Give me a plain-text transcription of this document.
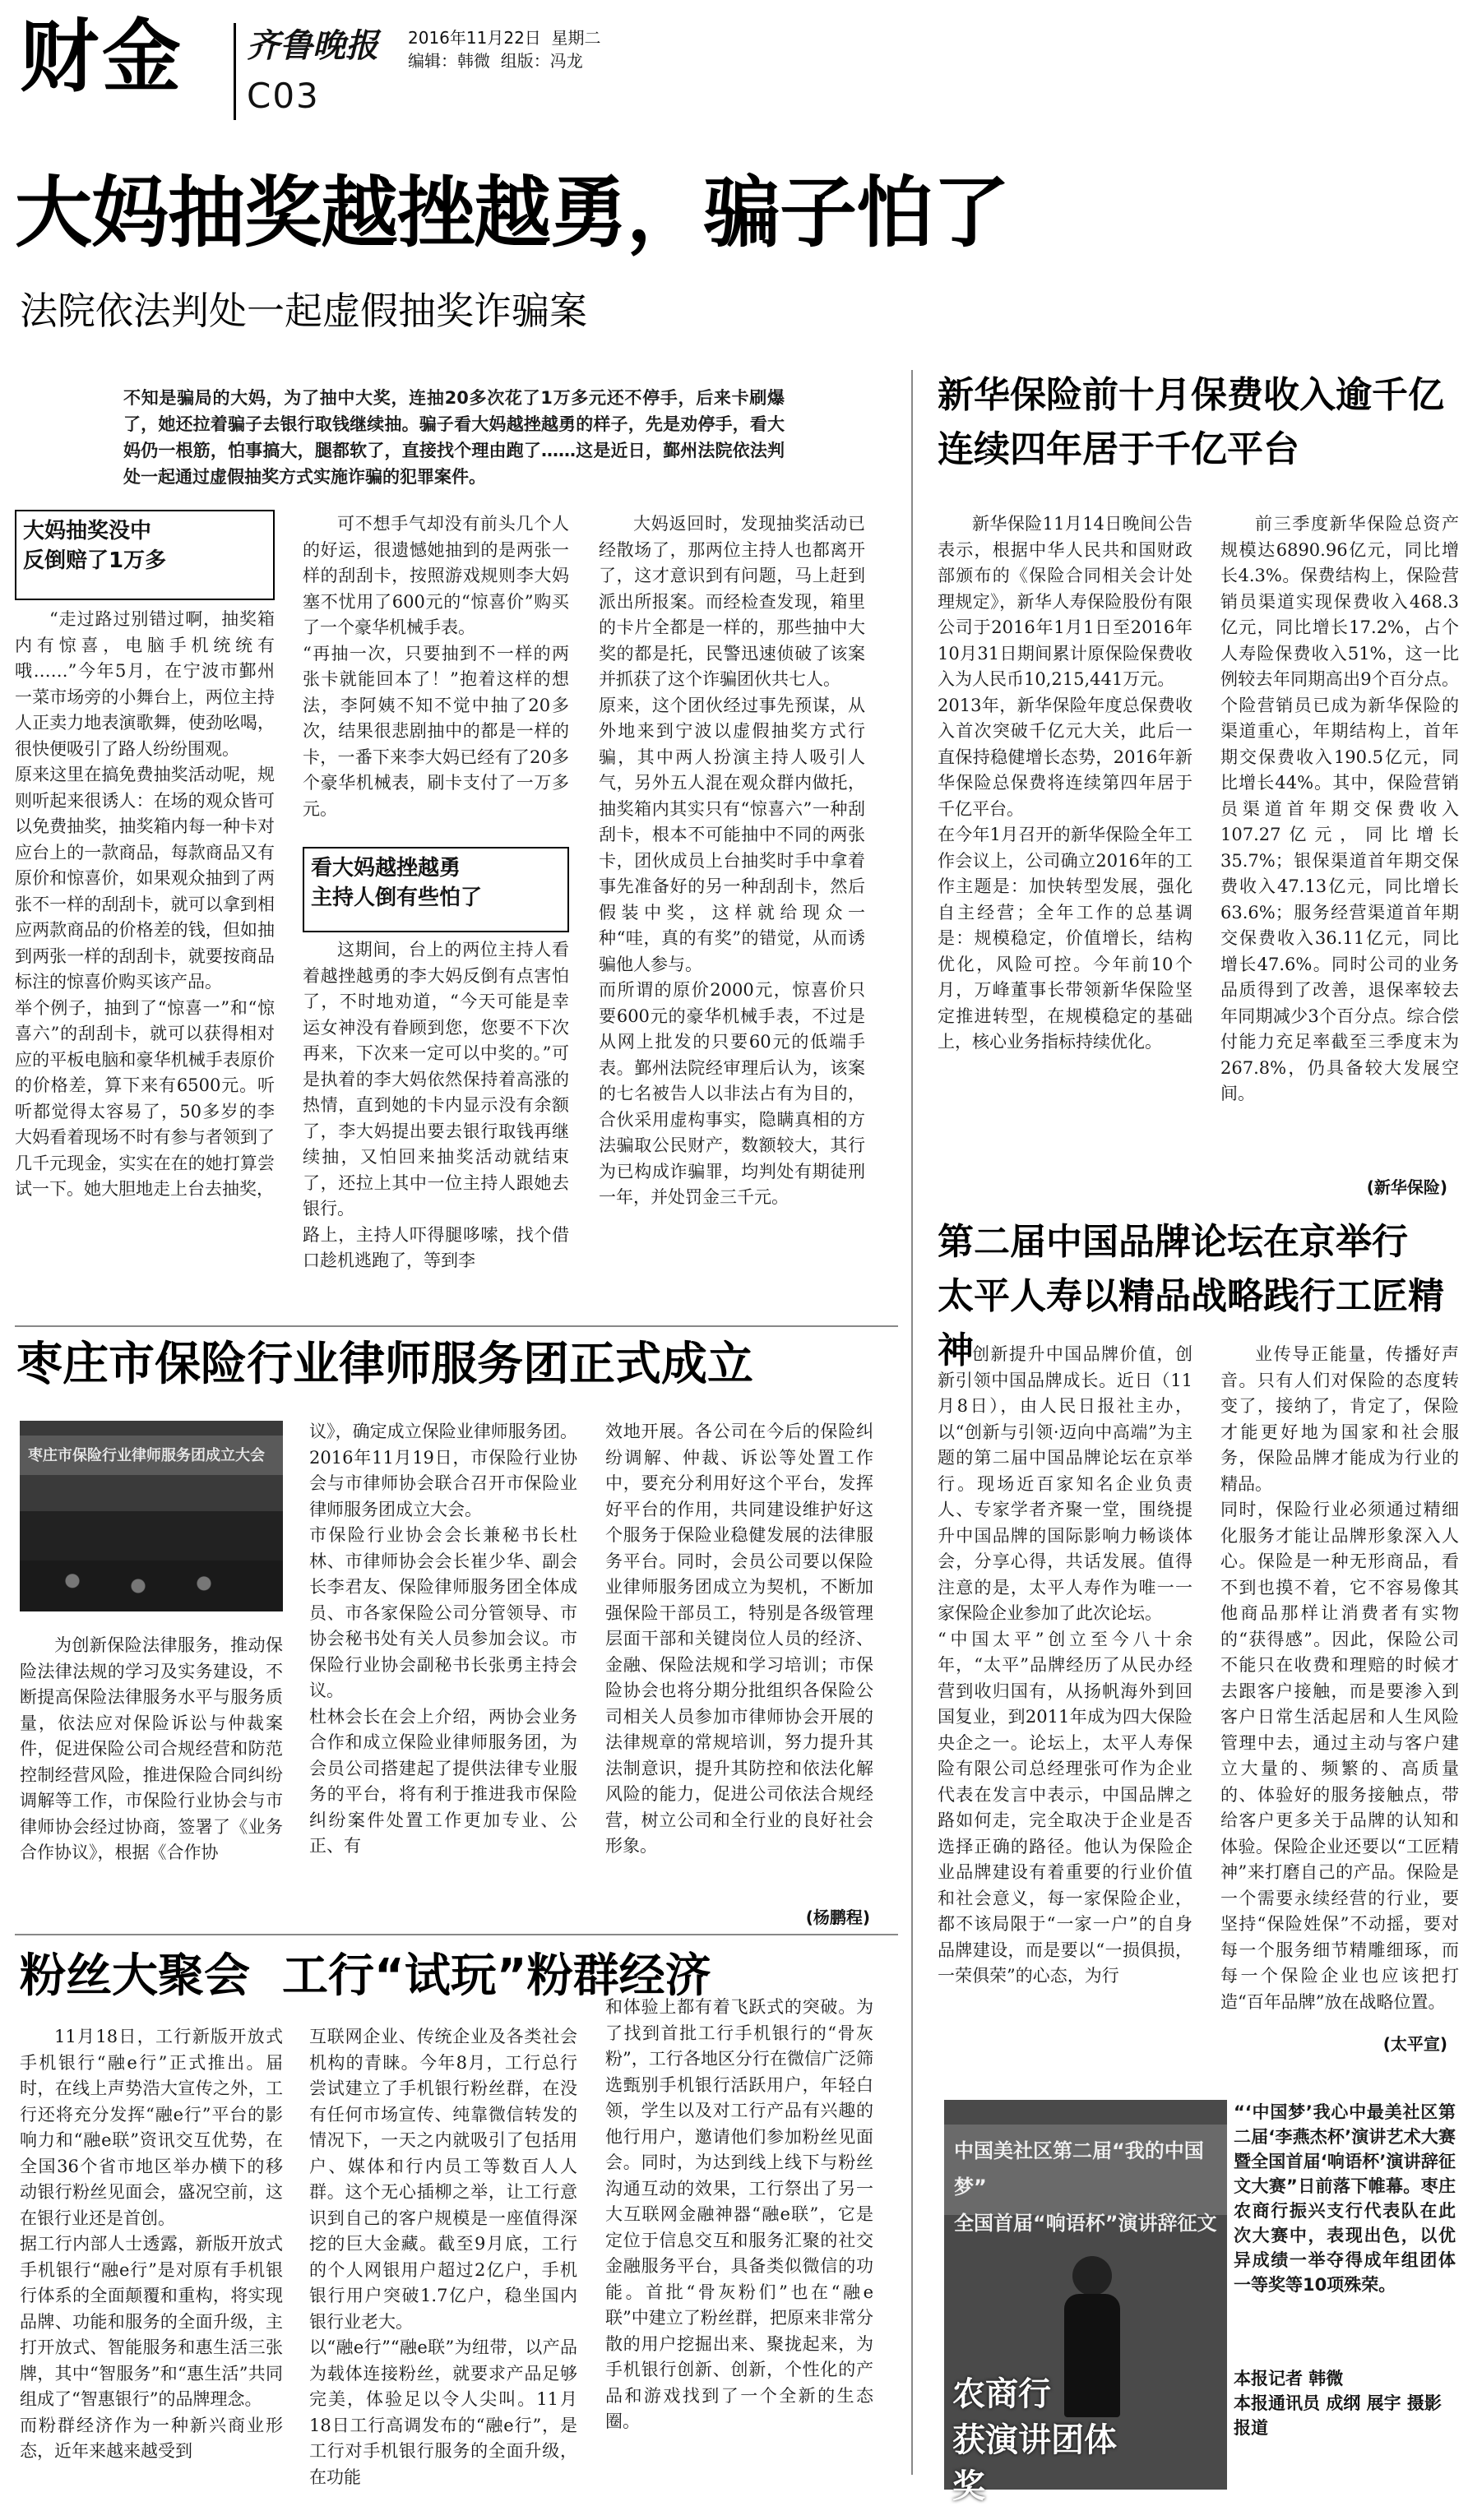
财金 齐鲁晚报 2016年11月22日  星期二
编辑：韩微  组版：冯龙
C03
大妈抽奖越挫越勇，骗子怕了
法院依法判处一起虚假抽奖诈骗案
不知是骗局的大妈，为了抽中大奖，连抽20多次花了1万多元还不停手，后来卡刷爆了，她还拉着骗子去银行取钱继续抽。骗子看大妈越挫越勇的样子，先是劝停手，看大妈仍一根筋，怕事搞大，腿都软了，直接找个理由跑了……这是近日，鄞州法院依法判处一起通过虚假抽奖方式实施诈骗的犯罪案件。
大妈抽奖没中
反倒赔了1万多

“走过路过别错过啊，抽奖箱内有惊喜，电脑手机统统有哦……”今年5月，在宁波市鄞州一菜市场旁的小舞台上，两位主持人正卖力地表演歌舞，使劲吆喝，很快便吸引了路人纷纷围观。
原来这里在搞免费抽奖活动呢，规则听起来很诱人：在场的观众皆可以免费抽奖，抽奖箱内每一种卡对应台上的一款商品，每款商品又有原价和惊喜价，如果观众抽到了两张不一样的刮刮卡，就可以拿到相应两款商品的价格差的钱，但如抽到两张一样的刮刮卡，就要按商品标注的惊喜价购买该产品。
举个例子，抽到了“惊喜一”和“惊喜六”的刮刮卡，就可以获得相对应的平板电脑和豪华机械手表原价的价格差，算下来有6500元。听听都觉得太容易了，50多岁的李大妈看着现场不时有参与者领到了几千元现金，实实在在的她打算尝试一下。她大胆地走上台去抽奖，

可不想手气却没有前头几个人的好运，很遗憾她抽到的是两张一样的刮刮卡，按照游戏规则李大妈塞不忧用了600元的“惊喜价”购买了一个豪华机械手表。
“再抽一次，只要抽到不一样的两张卡就能回本了！”抱着这样的想法，李阿姨不知不觉中抽了20多次，结果很悲剧抽中的都是一样的卡，一番下来李大妈已经有了20多个豪华机械表，刷卡支付了一万多元。

看大妈越挫越勇
主持人倒有些怕了

这期间，台上的两位主持人看着越挫越勇的李大妈反倒有点害怕了，不时地劝道，“今天可能是幸运女神没有眷顾到您，您要不下次再来，下次来一定可以中奖的。”可是执着的李大妈依然保持着高涨的热情，直到她的卡内显示没有余额了，李大妈提出要去银行取钱再继续抽，又怕回来抽奖活动就结束了，还拉上其中一位主持人跟她去银行。
路上，主持人吓得腿哆嗦，找个借口趁机逃跑了，等到李

大妈返回时，发现抽奖活动已经散场了，那两位主持人也都离开了，这才意识到有问题，马上赶到派出所报案。而经检查发现，箱里的卡片全都是一样的，那些抽中大奖的都是托，民警迅速侦破了该案并抓获了这个诈骗团伙共七人。
原来，这个团伙经过事先预谋，从外地来到宁波以虚假抽奖方式行骗，其中两人扮演主持人吸引人气，另外五人混在观众群内做托，抽奖箱内其实只有“惊喜六”一种刮刮卡，根本不可能抽中不同的两张卡，团伙成员上台抽奖时手中拿着事先准备好的另一种刮刮卡，然后假装中奖，这样就给现众一种“哇，真的有奖”的错觉，从而诱骗他人参与。
而所谓的原价2000元，惊喜价只要600元的豪华机械手表，不过是从网上批发的只要60元的低端手表。鄞州法院经审理后认为，该案的七名被告人以非法占有为目的，合伙采用虚构事实，隐瞒真相的方法骗取公民财产，数额较大，其行为已构成诈骗罪，均判处有期徒刑一年，并处罚金三千元。

新华保险前十月保费收入逾千亿
连续四年居于千亿平台

新华保险11月14日晚间公告表示，根据中华人民共和国财政部颁布的《保险合同相关会计处理规定》，新华人寿保险股份有限公司于2016年1月1日至2016年10月31日期间累计原保险保费收入为人民币10,215,441万元。
2013年，新华保险年度总保费收入首次突破千亿元大关，此后一直保持稳健增长态势，2016年新华保险总保费将连续第四年居于千亿平台。
在今年1月召开的新华保险全年工作会议上，公司确立2016年的工作主题是：加快转型发展，强化自主经营；全年工作的总基调是：规模稳定，价值增长，结构优化，风险可控。今年前10个月，万峰董事长带领新华保险坚定推进转型，在规模稳定的基础上，核心业务指标持续优化。

前三季度新华保险总资产规模达6890.96亿元，同比增长4.3%。保费结构上，保险营销员渠道实现保费收入468.3亿元，同比增长17.2%，占个人寿险保费收入51%，这一比例较去年同期高出9个百分点。个险营销员已成为新华保险的渠道重心，年期结构上，首年期交保费收入190.5亿元，同比增长44%。其中，保险营销员渠道首年期交保费收入107.27亿元，同比增长35.7%；银保渠道首年期交保费收入47.13亿元，同比增长63.6%；服务经营渠道首年期交保费收入36.11亿元，同比增长47.6%。同时公司的业务品质得到了改善，退保率较去年同期减少3个百分点。综合偿付能力充足率截至三季度末为267.8%，仍具备较大发展空间。

(新华保险)
第二届中国品牌论坛在京举行
太平人寿以精品战略践行工匠精神

创新提升中国品牌价值，创新引领中国品牌成长。近日（11月8日），由人民日报社主办，以“创新与引领·迈向中高端”为主题的第二届中国品牌论坛在京举行。现场近百家知名企业负责人、专家学者齐聚一堂，围绕提升中国品牌的国际影响力畅谈体会，分享心得，共话发展。值得注意的是，太平人寿作为唯一一家保险企业参加了此次论坛。
“中国太平”创立至今八十余年，“太平”品牌经历了从民办经营到收归国有，从扬帆海外到回国复业，到2011年成为四大保险央企之一。论坛上，太平人寿保险有限公司总经理张可作为企业代表在发言中表示，中国品牌之路如何走，完全取决于企业是否选择正确的路径。他认为保险企业品牌建设有着重要的行业价值和社会意义，每一家保险企业，都不该局限于“一家一户”的自身品牌建设，而是要以“一损俱损，一荣俱荣”的心态，为行

业传导正能量，传播好声音。只有人们对保险的态度转变了，接纳了，肯定了，保险才能更好地为国家和社会服务，保险品牌才能成为行业的精品。
同时，保险行业必须通过精细化服务才能让品牌形象深入人心。保险是一种无形商品，看不到也摸不着，它不容易像其他商品那样让消费者有实物的“获得感”。因此，保险公司不能只在收费和理赔的时候才去跟客户接触，而是要渗入到客户日常生活起居和人生风险管理中去，通过主动与客户建立大量的、频繁的、高质量的、体验好的服务接触点，带给客户更多关于品牌的认知和体验。保险企业还要以“工匠精神”来打磨自己的产品。保险是一个需要永续经营的行业，要坚持“保险姓保”不动摇，要对每一个服务细节精雕细琢，而每一个保险企业也应该把打造“百年品牌”放在战略位置。

(太平宣)
枣庄市保险行业律师服务团正式成立
枣庄市保险行业律师服务团成立大会

为创新保险法律服务，推动保险法律法规的学习及实务建设，不断提高保险法律服务水平与服务质量，依法应对保险诉讼与仲裁案件，促进保险公司合规经营和防范控制经营风险，推进保险合同纠纷调解等工作，市保险行业协会与市律师协会经过协商，签署了《业务合作协议》，根据《合作协

议》，确定成立保险业律师服务团。2016年11月19日，市保险行业协会与市律师协会联合召开市保险业律师服务团成立大会。
市保险行业协会会长兼秘书长杜林、市律师协会会长崔少华、副会长李君友、保险律师服务团全体成员、市各家保险公司分管领导、市协会秘书处有关人员参加会议。市保险行业协会副秘书长张勇主持会议。
杜林会长在会上介绍，两协会业务合作和成立保险业律师服务团，为会员公司搭建起了提供法律专业服务的平台，将有利于推进我市保险纠纷案件处置工作更加专业、公正、有

效地开展。各公司在今后的保险纠纷调解、仲裁、诉讼等处置工作中，要充分利用好这个平台，发挥好平台的作用，共同建设维护好这个服务于保险业稳健发展的法律服务平台。同时，会员公司要以保险业律师服务团成立为契机，不断加强保险干部员工，特别是各级管理层面干部和关键岗位人员的经济、金融、保险法规和学习培训；市保险协会也将分期分批组织各保险公司相关人员参加市律师协会开展的法律规章的常规培训，努力提升其法制意识，提升其防控和依法化解风险的能力，促进公司依法合规经营，树立公司和全行业的良好社会形象。

(杨鹏程)
粉丝大聚会  工行“试玩”粉群经济

11月18日，工行新版开放式手机银行“融e行”正式推出。届时，在线上声势浩大宣传之外，工行还将充分发挥“融e行”平台的影响力和“融e联”资讯交互优势，在全国36个省市地区举办横下的移动银行粉丝见面会，盛况空前，这在银行业还是首创。
据工行内部人士透露，新版开放式手机银行“融e行”是对原有手机银行体系的全面颠覆和重构，将实现品牌、功能和服务的全面升级，主打开放式、智能服务和惠生活三张牌，其中“智服务”和“惠生活”共同组成了“智惠银行”的品牌理念。
而粉群经济作为一种新兴商业形态，近年来越来越受到

互联网企业、传统企业及各类社会机构的青睐。今年8月，工行总行尝试建立了手机银行粉丝群，在没有任何市场宣传、纯靠微信转发的情况下，一天之内就吸引了包括用户、媒体和行内员工等数百人人群。这个无心插柳之举，让工行意识到自己的客户规模是一座值得深挖的巨大金藏。截至9月底，工行的个人网银用户超过2亿户，手机银行用户突破1.7亿户，稳坐国内银行业老大。
以“融e行”“融e联”为纽带，以产品为载体连接粉丝，就要求产品足够完美，体验足以令人尖叫。11月18日工行高调发布的“融e行”，是工行对手机银行服务的全面升级，在功能

和体验上都有着飞跃式的突破。为了找到首批工行手机银行的“骨灰粉”，工行各地区分行在微信广泛筛选甄别手机银行活跃用户，年轻白领，学生以及对工行产品有兴趣的他行用户，邀请他们参加粉丝见面会。同时，为达到线上线下与粉丝沟通互动的效果，工行祭出了另一大互联网金融神器“融e联”，它是定位于信息交互和服务汇聚的社交金融服务平台，具备类似微信的功能。首批“骨灰粉们”也在“融e联”中建立了粉丝群，把原来非常分散的用户挖掘出来、聚拢起来，为手机银行创新、创新，个性化的产品和游戏找到了一个全新的生态圈。

中国美社区第二届“我的中国梦”
全国首届“响语杯”演讲辞征文
农商行
获演讲团体奖

“‘中国梦’我心中最美社区第二届‘李燕杰杯’演讲艺术大赛暨全国首届‘响语杯’演讲辞征文大赛”日前落下帷幕。枣庄农商行振兴支行代表队在此次大赛中，表现出色，以优异成绩一举夺得成年组团体一等奖等10项殊荣。

本报记者 韩微
本报通讯员 成纲 展宇 摄影报道
